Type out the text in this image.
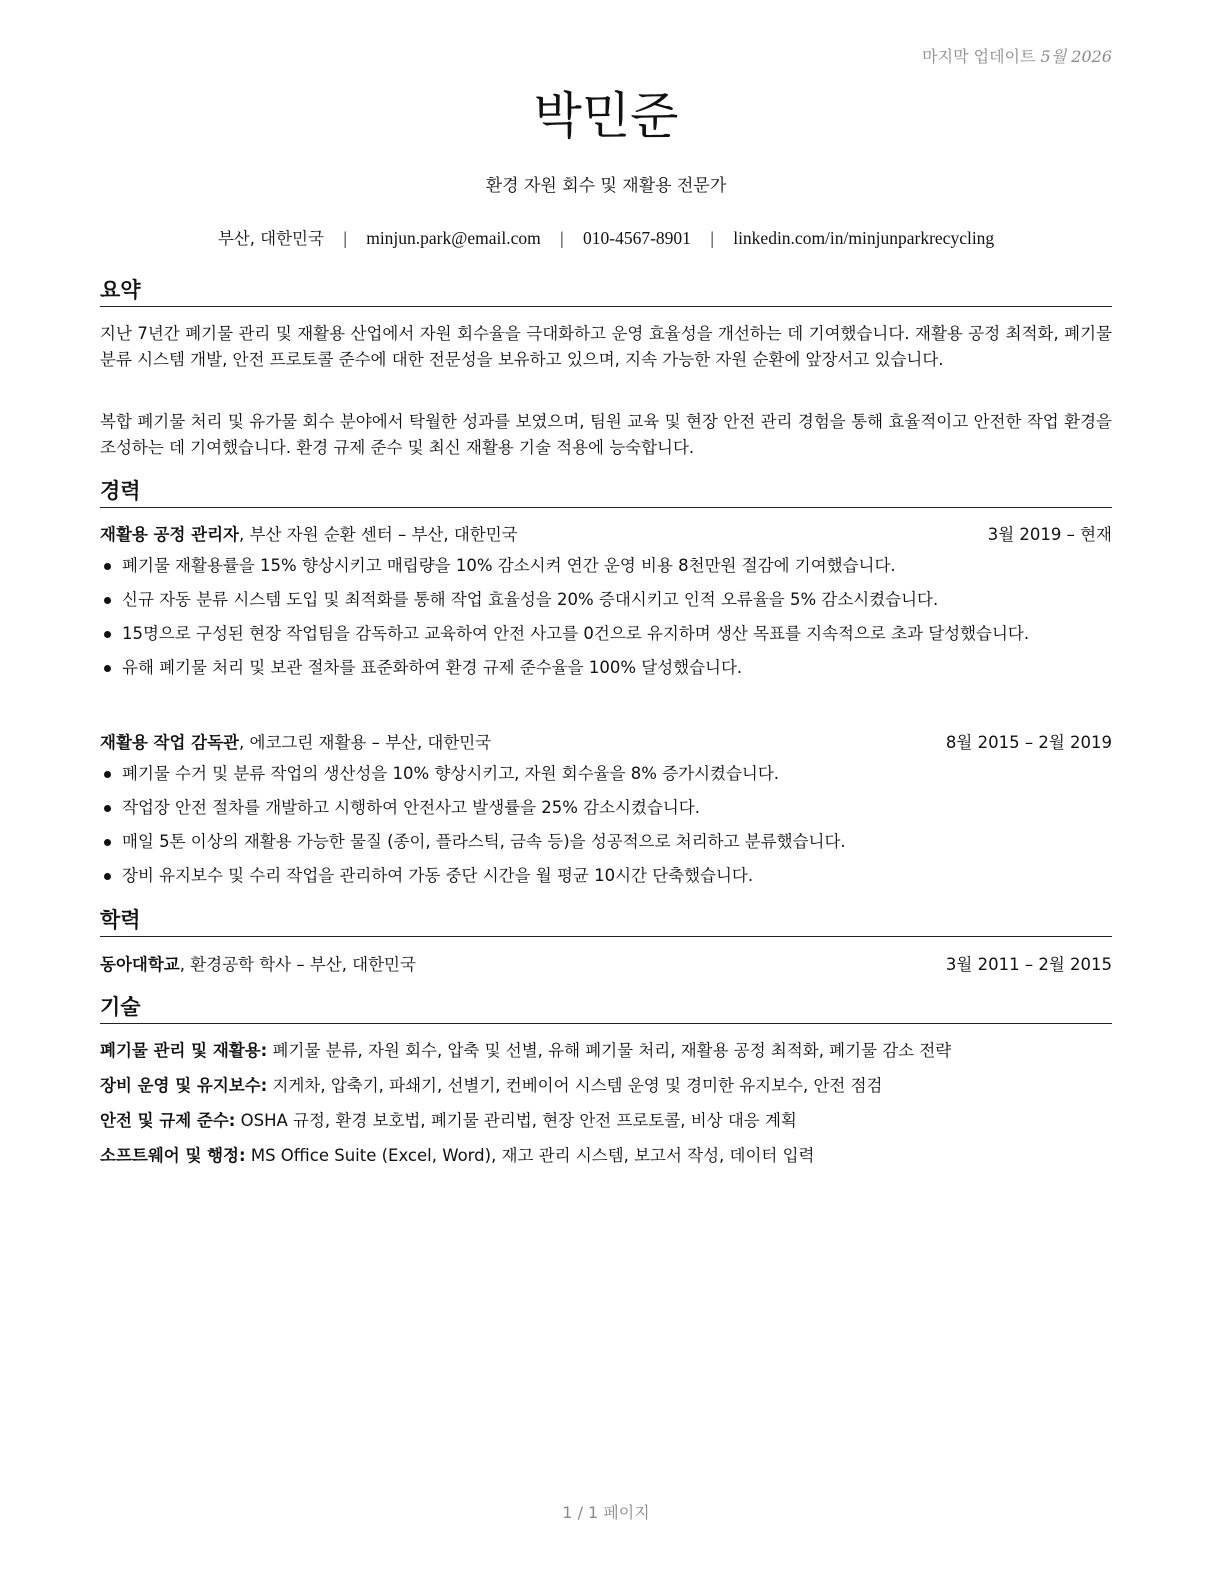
마지막 업데이트 5월 2026
박민준
환경 자원 회수 및 재활용 전문가
부산, 대한민국 | minjun.park@email.com | 010-4567-8901 | linkedin.com/in/minjunparkrecycling
요약
지난 7년간 폐기물 관리 및 재활용 산업에서 자원 회수율을 극대화하고 운영 효율성을 개선하는 데 기여했습니다. 재활용 공정 최적화, 폐기물 분류 시스템 개발, 안전 프로토콜 준수에 대한 전문성을 보유하고 있으며, 지속 가능한 자원 순환에 앞장서고 있습니다.
복합 폐기물 처리 및 유가물 회수 분야에서 탁월한 성과를 보였으며, 팀원 교육 및 현장 안전 관리 경험을 통해 효율적이고 안전한 작업 환경을 조성하는 데 기여했습니다. 환경 규제 준수 및 최신 재활용 기술 적용에 능숙합니다.
경력
재활용 공정 관리자, 부산 자원 순환 센터 – 부산, 대한민국	3월 2019 – 현재
폐기물 재활용률을 15% 향상시키고 매립량을 10% 감소시켜 연간 운영 비용 8천만원 절감에 기여했습니다.
신규 자동 분류 시스템 도입 및 최적화를 통해 작업 효율성을 20% 증대시키고 인적 오류율을 5% 감소시켰습니다.
15명으로 구성된 현장 작업팀을 감독하고 교육하여 안전 사고를 0건으로 유지하며 생산 목표를 지속적으로 초과 달성했습니다.
유해 폐기물 처리 및 보관 절차를 표준화하여 환경 규제 준수율을 100% 달성했습니다.
재활용 작업 감독관, 에코그린 재활용 – 부산, 대한민국	8월 2015 – 2월 2019
폐기물 수거 및 분류 작업의 생산성을 10% 향상시키고, 자원 회수율을 8% 증가시켰습니다.
작업장 안전 절차를 개발하고 시행하여 안전사고 발생률을 25% 감소시켰습니다.
매일 5톤 이상의 재활용 가능한 물질 (종이, 플라스틱, 금속 등)을 성공적으로 처리하고 분류했습니다.
장비 유지보수 및 수리 작업을 관리하여 가동 중단 시간을 월 평균 10시간 단축했습니다.
학력
동아대학교, 환경공학 학사 – 부산, 대한민국	3월 2011 – 2월 2015
기술
폐기물 관리 및 재활용: 폐기물 분류, 자원 회수, 압축 및 선별, 유해 폐기물 처리, 재활용 공정 최적화, 폐기물 감소 전략
장비 운영 및 유지보수: 지게차, 압축기, 파쇄기, 선별기, 컨베이어 시스템 운영 및 경미한 유지보수, 안전 점검
안전 및 규제 준수: OSHA 규정, 환경 보호법, 폐기물 관리법, 현장 안전 프로토콜, 비상 대응 계획
소프트웨어 및 행정: MS Office Suite (Excel, Word), 재고 관리 시스템, 보고서 작성, 데이터 입력
1 / 1 페이지
